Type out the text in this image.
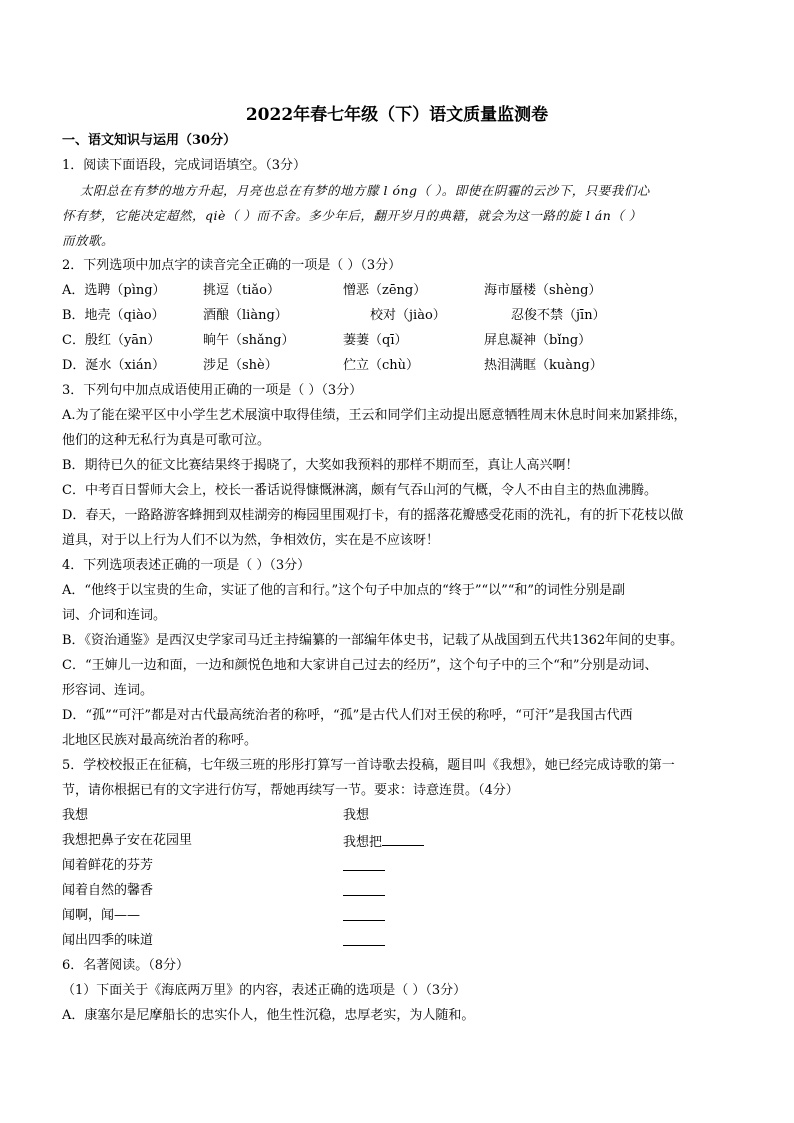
2022年春七年级（下）语文质量监测卷
一、语文知识与运用（30分）
1．阅读下面语段，完成词语填空。（3分）
太阳总在有梦的地方升起，月亮也总在有梦的地方朦 l óng（ ）。即使在阴霾的云沙下，只要我们心
怀有梦，它能决定超然，qiè（ ）而不舍。多少年后，翻开岁月的典籍，就会为这一路的旋 l án（ ）
而放歌。
2．下列选项中加点字的读音完全正确的一项是（ ）（3分）
A．选聘（pìng）	挑逗（tiǎo）	憎恶（zēng）	海市蜃楼（shèng）
B．地壳（qiào）	酒酿（liàng）	校对（jiào）	忍俊不禁（jīn）
C．殷红（yān）	晌午（shǎng）	萋萋（qī）	屏息凝神（bǐng）
D．涎水（xián）	涉足（shè）	伫立（chù）	热泪满眶（kuàng）
3．下列句中加点成语使用正确的一项是（ ）（3分）
A.为了能在梁平区中小学生艺术展演中取得佳绩，王云和同学们主动提出愿意牺牲周末休息时间来加紧排练，
他们的这种无私行为真是可歌可泣。
B．期待已久的征文比赛结果终于揭晓了，大奖如我预料的那样不期而至，真让人高兴啊！
C．中考百日誓师大会上，校长一番话说得慷慨淋漓，颇有气吞山河的气概，令人不由自主的热血沸腾。
D．春天，一路路游客蜂拥到双桂湖旁的梅园里围观打卡，有的摇落花瓣感受花雨的洗礼，有的折下花枝以做
道具，对于以上行为人们不以为然，争相效仿，实在是不应该呀！
4．下列选项表述正确的一项是（ ）（3分）
A．“他终于以宝贵的生命，实证了他的言和行。”这个句子中加点的“终于”“以”“和”的词性分别是副
词、介词和连词。
B．《资治通鉴》是西汉史学家司马迁主持编纂的一部编年体史书，记载了从战国到五代共1362年间的史事。
C．“王婶儿一边和面，一边和颜悦色地和大家讲自己过去的经历”，这个句子中的三个“和”分别是动词、
形容词、连词。
D．“孤”“可汗”都是对古代最高统治者的称呼，“孤”是古代人们对王侯的称呼，“可汗”是我国古代西
北地区民族对最高统治者的称呼。
5．学校校报正在征稿，七年级三班的彤彤打算写一首诗歌去投稿，题目叫《我想》，她已经完成诗歌的第一
节，请你根据已有的文字进行仿写，帮她再续写一节。要求：诗意连贯。（4分）
我想
我想把鼻子安在花园里
闻着鲜花的芬芳
闻着自然的馨香
闻啊，闻——
闻出四季的味道
我想
我想把
6．名著阅读。（8分）
（1）下面关于《海底两万里》的内容，表述正确的选项是（ ）（3分）
A．康塞尔是尼摩船长的忠实仆人，他生性沉稳，忠厚老实，为人随和。
